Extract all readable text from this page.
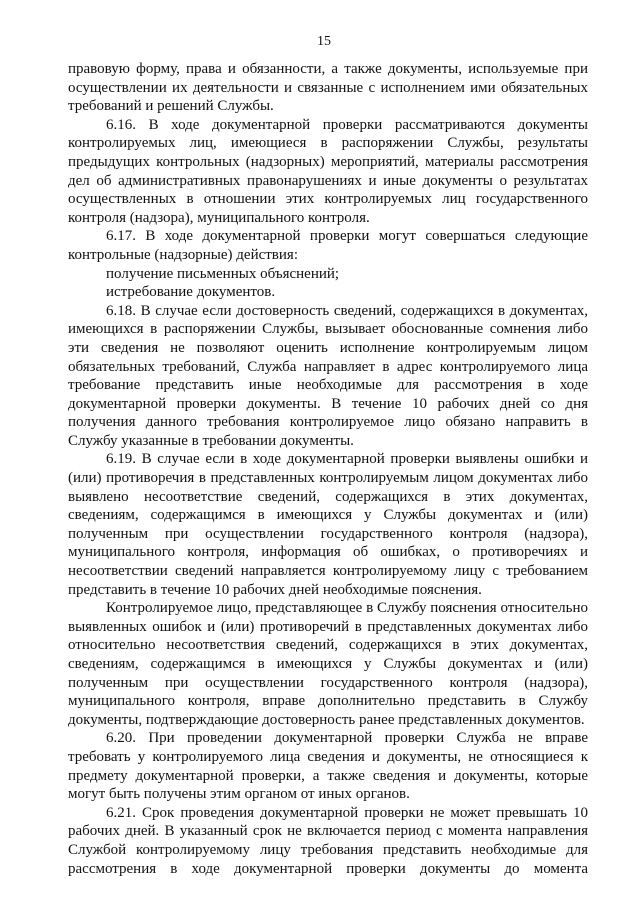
15

правовую форму, права и обязанности, а также документы, используемые при осуществлении их деятельности и связанные с исполнением ими обязательных требований и решений Службы.

6.16. В ходе документарной проверки рассматриваются документы контролируемых лиц, имеющиеся в распоряжении Службы, результаты предыдущих контрольных (надзорных) мероприятий, материалы рассмотрения дел об административных правонарушениях и иные документы о результатах осуществленных в отношении этих контролируемых лиц государственного контроля (надзора), муниципального контроля.

6.17. В ходе документарной проверки могут совершаться следующие контрольные (надзорные) действия:

получение письменных объяснений;

истребование документов.

6.18. В случае если достоверность сведений, содержащихся в документах, имеющихся в распоряжении Службы, вызывает обоснованные сомнения либо эти сведения не позволяют оценить исполнение контролируемым лицом обязательных требований, Служба направляет в адрес контролируемого лица требование представить иные необходимые для рассмотрения в ходе документарной проверки документы. В течение 10 рабочих дней со дня получения данного требования контролируемое лицо обязано направить в Службу указанные в требовании документы.

6.19. В случае если в ходе документарной проверки выявлены ошибки и (или) противоречия в представленных контролируемым лицом документах либо выявлено несоответствие сведений, содержащихся в этих документах, сведениям, содержащимся в имеющихся у Службы документах и (или) полученным при осуществлении государственного контроля (надзора), муниципального контроля, информация об ошибках, о противоречиях и несоответствии сведений направляется контролируемому лицу с требованием представить в течение 10 рабочих дней необходимые пояснения.

Контролируемое лицо, представляющее в Службу пояснения относительно выявленных ошибок и (или) противоречий в представленных документах либо относительно несоответствия сведений, содержащихся в этих документах, сведениям, содержащимся в имеющихся у Службы документах и (или) полученным при осуществлении государственного контроля (надзора), муниципального контроля, вправе дополнительно представить в Службу документы, подтверждающие достоверность ранее представленных документов.

6.20. При проведении документарной проверки Служба не вправе требовать у контролируемого лица сведения и документы, не относящиеся к предмету документарной проверки, а также сведения и документы, которые могут быть получены этим органом от иных органов.

6.21. Срок проведения документарной проверки не может превышать 10 рабочих дней. В указанный срок не включается период с момента направления Службой контролируемому лицу требования представить необходимые для рассмотрения в ходе документарной проверки документы до момента
